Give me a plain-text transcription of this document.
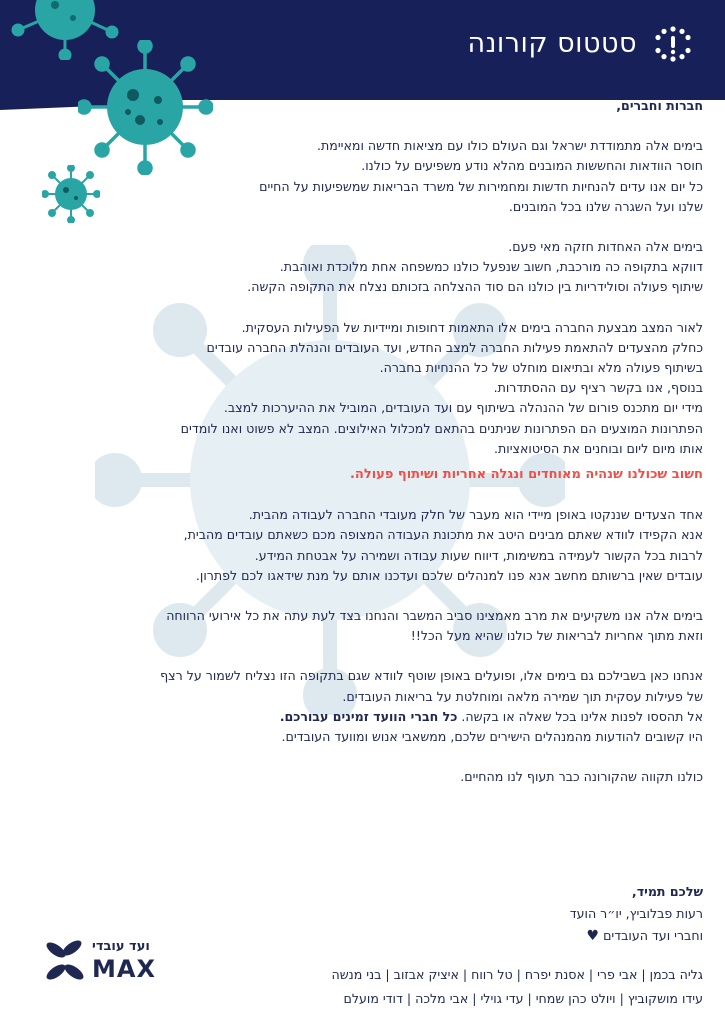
סטטוס קורונה

חברות וחברים,

בימים אלה מתמודדת ישראל וגם העולם כולו עם מציאות חדשה ומאיימת.
חוסר הוודאות והחששות המובנים מהלא נודע משפיעים על כולנו.
כל יום אנו עדים להנחיות חדשות ומחמירות של משרד הבריאות שמשפיעות על החיים
שלנו ועל השגרה שלנו בכל המובנים.

בימים אלה האחדות חזקה מאי פעם.
דווקא בתקופה כה מורכבת, חשוב שנפעל כולנו כמשפחה אחת מלוכדת ואוהבת.
שיתוף פעולה וסולידריות בין כולנו הם סוד ההצלחה בזכותם נצלח את התקופה הקשה.

לאור המצב מבצעת החברה בימים אלו התאמות דחופות ומיידיות של הפעילות העסקית.
כחלק מהצעדים להתאמת פעילות החברה למצב החדש, ועד העובדים והנהלת החברה עובדים
בשיתוף פעולה מלא ובתיאום מוחלט של כל ההנחיות בחברה.
בנוסף, אנו בקשר רציף עם ההסתדרות.
מידי יום מתכנס פורום של ההנהלה בשיתוף עם ועד העובדים, המוביל את ההיערכות למצב.
הפתרונות המוצעים הם הפתרונות שניתנים בהתאם למכלול האילוצים. המצב לא פשוט ואנו לומדים
אותו מיום ליום ובוחנים את הסיטואציות.

חשוב שכולנו שנהיה מאוחדים ונגלה אחריות ושיתוף פעולה.

אחד הצעדים שננקטו באופן מיידי הוא מעבר של חלק מעובדי החברה לעבודה מהבית.
אנא הקפידו לוודא שאתם מבינים היטב את מתכונת העבודה המצופה מכם כשאתם עובדים מהבית,
לרבות בכל הקשור לעמידה במשימות, דיווח שעות עבודה ושמירה על אבטחת המידע.
עובדים שאין ברשותם מחשב אנא פנו למנהלים שלכם ועדכנו אותם על מנת שידאגו לכם לפתרון.

בימים אלה אנו משקיעים את מרב מאמצינו סביב המשבר והנחנו בצד לעת עתה את כל אירועי הרווחה
וזאת מתוך אחריות לבריאות של כולנו שהיא מעל הכל!!

אנחנו כאן בשבילכם גם בימים אלו, ופועלים באופן שוטף לוודא שגם בתקופה הזו נצליח לשמור על רצף
של פעילות עסקית תוך שמירה מלאה ומוחלטת על בריאות העובדים.
אל תהססו לפנות אלינו בכל שאלה או בקשה. כל חברי הוועד זמינים עבורכם.
היו קשובים להודעות מהמנהלים הישירים שלכם, ממשאבי אנוש ומוועד העובדים.

כולנו תקווה שהקורונה כבר תעוף לנו מהחיים.

שלכם תמיד,
רעות פבלוביץ, יו״ר הועד
וחברי ועד העובדים ♥
גליה בכמן | אבי פרי | אסנת יפרח | טל רווח | איציק אבזוב | בני מנשה
עידו מושקוביץ | ויולט כהן שמחי | עדי גוילי | אבי מלכה | דודי מועלם
ועד עובדי
MAX
